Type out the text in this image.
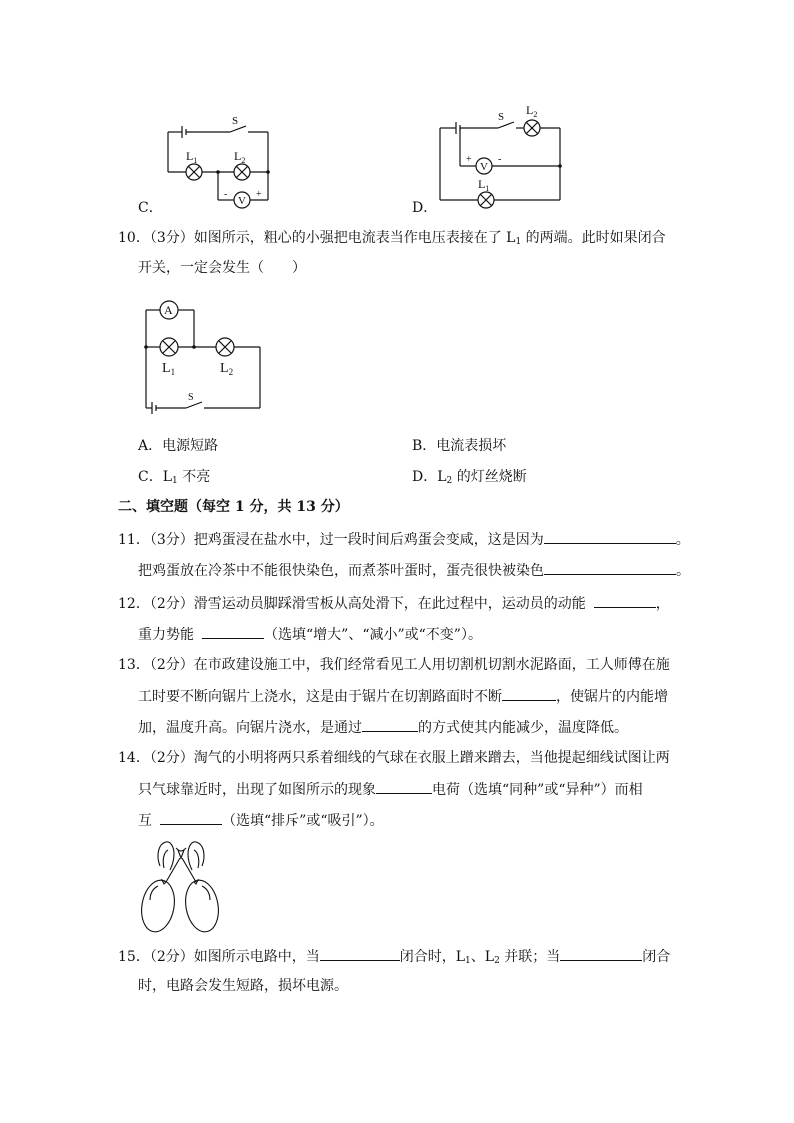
S
$L_1$	$L_2$
V
-	+
C．
S $L_2$
V
+	-
$L_1$
D．
10．（3分）如图所示，粗心的小强把电流表当作电压表接在了 $L_1$ 的两端。此时如果闭合
开关，一定会发生（　　）
A
$L_1$	$L_2$
S
A．电源短路	B．电流表损坏
C．$L_1$ 不亮	D．$L_2$ 的灯丝烧断
二、填空题（每空 1 分，共 13 分）
11．（3分）把鸡蛋浸在盐水中，过一段时间后鸡蛋会变咸，这是因为	。
把鸡蛋放在冷茶中不能很快染色，而煮茶叶蛋时，蛋壳很快被染色	。
12．（2分）滑雪运动员脚踩滑雪板从高处滑下，在此过程中，运动员的动能	，
重力势能	（选填“增大”、“减小”或“不变”）。
13．（2分）在市政建设施工中，我们经常看见工人用切割机切割水泥路面，工人师傅在施
工时要不断向锯片上浇水，这是由于锯片在切割路面时不断	，使锯片的内能增
加，温度升高。向锯片浇水，是通过	的方式使其内能减少，温度降低。
14．（2分）淘气的小明将两只系着细线的气球在衣服上蹭来蹭去，当他提起细线试图让两
只气球靠近时，出现了如图所示的现象	电荷（选填“同种”或“异种”）而相
互	（选填“排斥”或“吸引”）。
15．（2分）如图所示电路中，当	闭合时，$L_1$、$L_2$ 并联；当	闭合
时，电路会发生短路，损坏电源。
